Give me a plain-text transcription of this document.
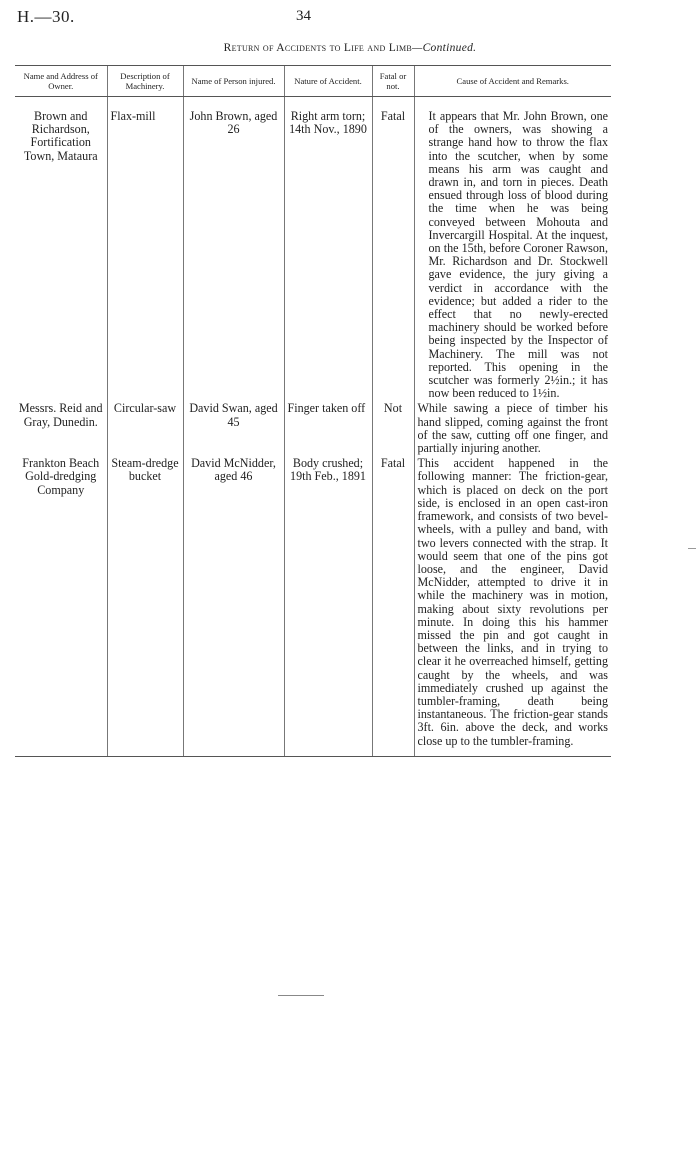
H.—30.	34
Return of Accidents to Life and Limb—Continued.
Name and Address of Owner.	Description of Machinery.	Name of Person injured.	Nature of Accident.	Fatal or not.	Cause of Accident and Remarks.
Brown and Richardson, Fortification Town, Mataura	Flax-mill	John Brown, aged 26	Right arm torn; 14th Nov., 1890	Fatal	It appears that Mr. John Brown, one of the owners, was showing a strange hand how to throw the flax into the scutcher, when by some means his arm was caught and drawn in, and torn in pieces. Death ensued through loss of blood during the time when he was being conveyed between Mohouta and Invercargill Hospital. At the inquest, on the 15th, before Coroner Rawson, Mr. Richardson and Dr. Stockwell gave evidence, the jury giving a verdict in accordance with the evidence; but added a rider to the effect that no newly-erected machinery should be worked before being inspected by the Inspector of Machinery. The mill was not reported. This opening in the scutcher was formerly 2½in.; it has now been reduced to 1½in.
Messrs. Reid and Gray, Dunedin.	Circular-saw	David Swan, aged 45	Finger taken off	Not	While sawing a piece of timber his hand slipped, coming against the front of the saw, cutting off one finger, and partially injuring another.
Frankton Beach Gold-dredging Company	Steam-dredge bucket	David McNidder, aged 46	Body crushed; 19th Feb., 1891	Fatal	This accident happened in the following manner: The friction-gear, which is placed on deck on the port side, is enclosed in an open cast-iron framework, and consists of two bevel-wheels, with a pulley and band, with two levers connected with the strap. It would seem that one of the pins got loose, and the engineer, David McNidder, attempted to drive it in while the machinery was in motion, making about sixty revolutions per minute. In doing this his hammer missed the pin and got caught in between the links, and in trying to clear it he overreached himself, getting caught by the wheels, and was immediately crushed up against the tumbler-framing, death being instantaneous. The friction-gear stands 3ft. 6in. above the deck, and works close up to the tumbler-framing.
